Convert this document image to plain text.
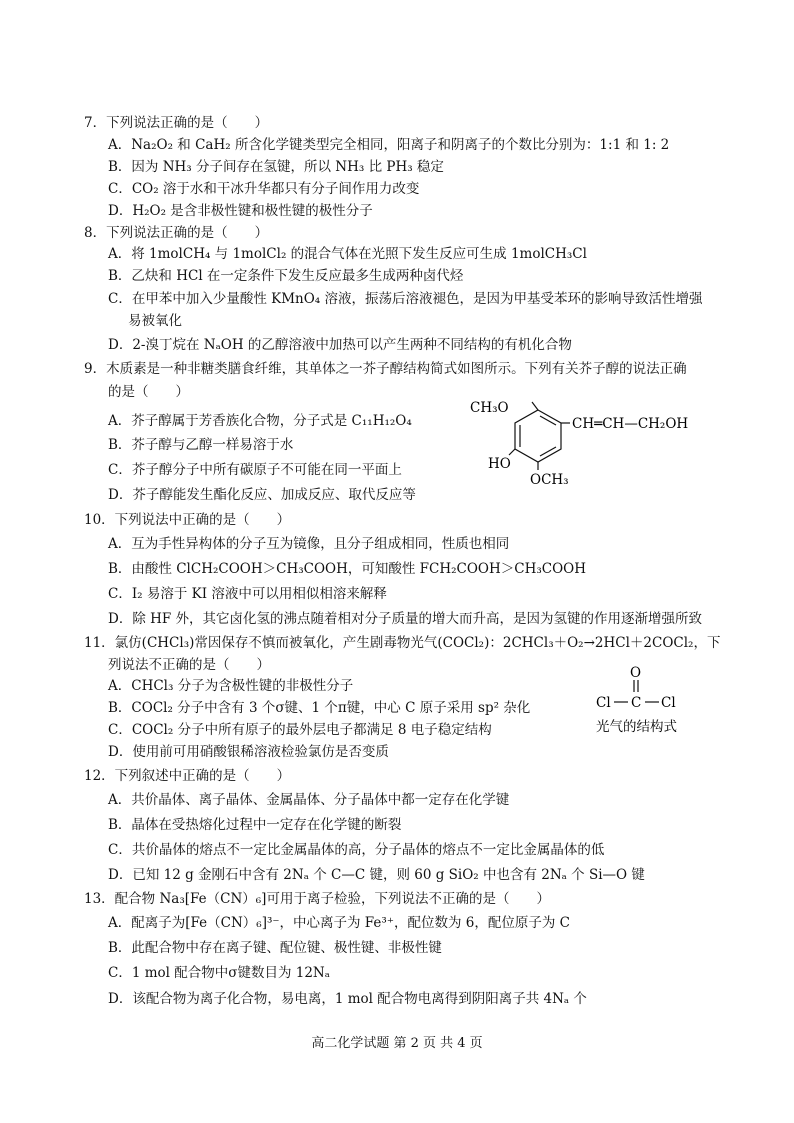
7．下列说法正确的是（　　）
A．Na₂O₂ 和 CaH₂ 所含化学键类型完全相同，阳离子和阴离子的个数比分别为：1:1 和 1: 2
B．因为 NH₃ 分子间存在氢键，所以 NH₃ 比 PH₃ 稳定
C．CO₂ 溶于水和干冰升华都只有分子间作用力改变
D．H₂O₂ 是含非极性键和极性键的极性分子
8．下列说法正确的是（　　）
A．将 1molCH₄ 与 1molCl₂ 的混合气体在光照下发生反应可生成 1molCH₃Cl
B．乙炔和 HCl 在一定条件下发生反应最多生成两种卤代烃
C．在甲苯中加入少量酸性 KMnO₄ 溶液，振荡后溶液褪色，是因为甲基受苯环的影响导致活性增强
易被氧化
D．2-溴丁烷在 NₐOH 的乙醇溶液中加热可以产生两种不同结构的有机化合物
9．木质素是一种非糖类膳食纤维，其单体之一芥子醇结构简式如图所示。下列有关芥子醇的说法正确
的是（　　）
A．芥子醇属于芳香族化合物，分子式是 C₁₁H₁₂O₄
B．芥子醇与乙醇一样易溶于水
C．芥子醇分子中所有碳原子不可能在同一平面上
D．芥子醇能发生酯化反应、加成反应、取代反应等
CH₃O
CH═CH—CH₂OH
HO
OCH₃
10．下列说法中正确的是（　　）
A．互为手性异构体的分子互为镜像，且分子组成相同，性质也相同
B．由酸性 ClCH₂COOH＞CH₃COOH，可知酸性 FCH₂COOH＞CH₃COOH
C．I₂ 易溶于 KI 溶液中可以用相似相溶来解释
D．除 HF 外，其它卤化氢的沸点随着相对分子质量的增大而升高，是因为氢键的作用逐渐增强所致
11．氯仿(CHCl₃)常因保存不慎而被氧化，产生剧毒物光气(COCl₂)：2CHCl₃＋O₂→2HCl＋2COCl₂，下
列说法不正确的是（　　）
A．CHCl₃ 分子为含极性键的非极性分子
B．COCl₂ 分子中含有 3 个σ键、1 个π键，中心 C 原子采用 sp² 杂化
C．COCl₂ 分子中所有原子的最外层电子都满足 8 电子稳定结构
D．使用前可用硝酸银稀溶液检验氯仿是否变质
O
Cl C Cl
光气的结构式
12．下列叙述中正确的是（　　）
A．共价晶体、离子晶体、金属晶体、分子晶体中都一定存在化学键
B．晶体在受热熔化过程中一定存在化学键的断裂
C．共价晶体的熔点不一定比金属晶体的高，分子晶体的熔点不一定比金属晶体的低
D．已知 12 g 金刚石中含有 2Nₐ 个 C—C 键，则 60 g SiO₂ 中也含有 2Nₐ 个 Si—O 键
13．配合物 Na₃[Fe（CN）₆]可用于离子检验，下列说法不正确的是（　　）
A．配离子为[Fe（CN）₆]³⁻，中心离子为 Fe³⁺，配位数为 6，配位原子为 C
B．此配合物中存在离子键、配位键、极性键、非极性键
C．1 mol 配合物中σ键数目为 12Nₐ
D．该配合物为离子化合物，易电离，1 mol 配合物电离得到阴阳离子共 4Nₐ 个
高二化学试题 第 2 页 共 4 页
